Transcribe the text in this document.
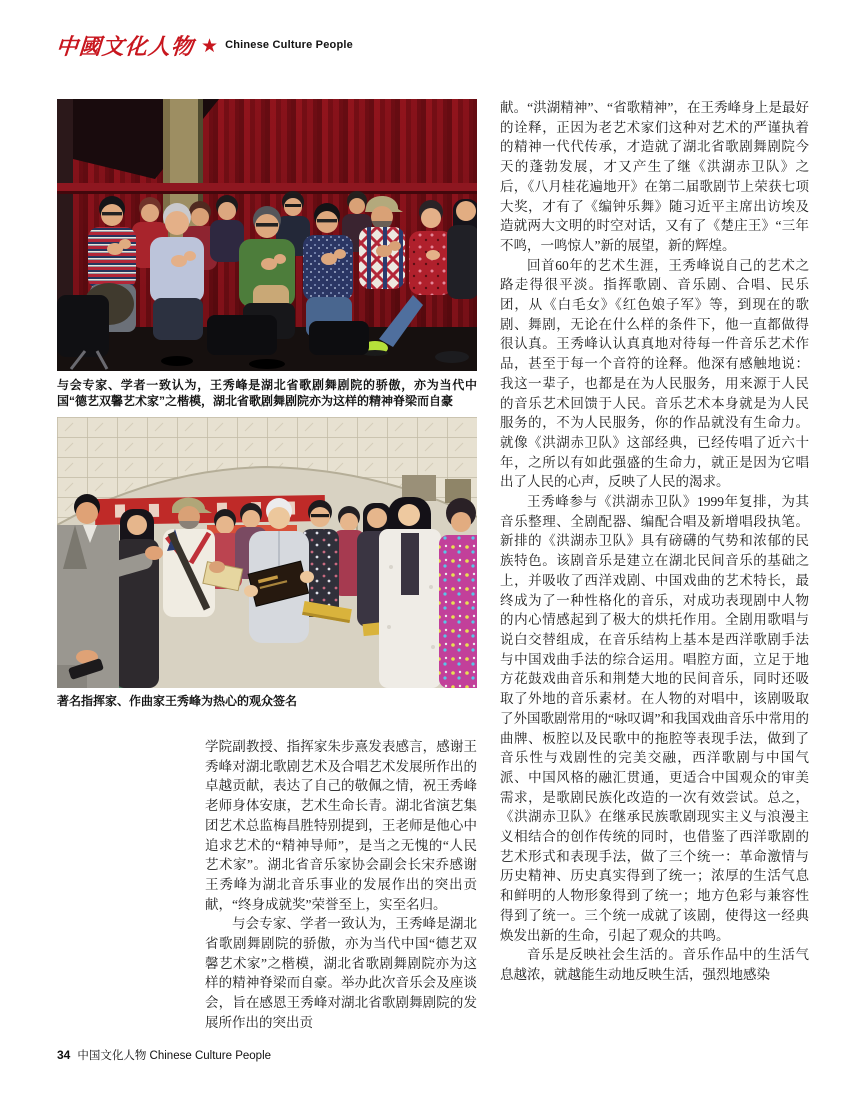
中國文化人物 ★ Chinese Culture People

与会专家、学者一致认为，王秀峰是湖北省歌剧舞剧院的骄傲，亦为当代中国“德艺双馨艺术家”之楷模，湖北省歌剧舞剧院亦为这样的精神脊梁而自豪

著名指挥家、作曲家王秀峰为热心的观众签名

学院副教授、指挥家朱步熹发表感言，感谢王秀峰对湖北歌剧艺术及合唱艺术发展所作出的卓越贡献，表达了自己的敬佩之情，祝王秀峰老师身体安康，艺术生命长青。湖北省演艺集团艺术总监梅昌胜特别提到，王老师是他心中追求艺术的“精神导师”，是当之无愧的“人民艺术家”。湖北省音乐家协会副会长宋乔感谢王秀峰为湖北音乐事业的发展作出的突出贡献，“终身成就奖”荣誉至上，实至名归。

与会专家、学者一致认为，王秀峰是湖北省歌剧舞剧院的骄傲，亦为当代中国“德艺双馨艺术家”之楷模，湖北省歌剧舞剧院亦为这样的精神脊梁而自豪。举办此次音乐会及座谈会，旨在感恩王秀峰对湖北省歌剧舞剧院的发展所作出的突出贡

献。“洪湖精神”、“省歌精神”，在王秀峰身上是最好的诠释，正因为老艺术家们这种对艺术的严谨执着的精神一代代传承，才造就了湖北省歌剧舞剧院今天的蓬勃发展，才又产生了继《洪湖赤卫队》之后，《八月桂花遍地开》在第二届歌剧节上荣获七项大奖，才有了《编钟乐舞》随习近平主席出访埃及造就两大文明的时空对话，又有了《楚庄王》“三年不鸣，一鸣惊人”新的展望，新的辉煌。

回首60年的艺术生涯，王秀峰说自己的艺术之路走得很平淡。指挥歌剧、音乐剧、合唱、民乐团，从《白毛女》《红色娘子军》等，到现在的歌剧、舞剧，无论在什么样的条件下，他一直都做得很认真。王秀峰认认真真地对待每一件音乐艺术作品，甚至于每一个音符的诠释。他深有感触地说：我这一辈子，也都是在为人民服务，用来源于人民的音乐艺术回馈于人民。音乐艺术本身就是为人民服务的，不为人民服务，你的作品就没有生命力。就像《洪湖赤卫队》这部经典，已经传唱了近六十年，之所以有如此强盛的生命力，就正是因为它唱出了人民的心声，反映了人民的渴求。

王秀峰参与《洪湖赤卫队》1999年复排，为其音乐整理、全剧配器、编配合唱及新增唱段执笔。新排的《洪湖赤卫队》具有磅礴的气势和浓郁的民族特色。该剧音乐是建立在湖北民间音乐的基础之上，并吸收了西洋戏剧、中国戏曲的艺术特长，最终成为了一种性格化的音乐，对成功表现剧中人物的内心情感起到了极大的烘托作用。全剧用歌唱与说白交替组成，在音乐结构上基本是西洋歌剧手法与中国戏曲手法的综合运用。唱腔方面，立足于地方花鼓戏曲音乐和荆楚大地的民间音乐，同时还吸取了外地的音乐素材。在人物的对唱中，该剧吸取了外国歌剧常用的“咏叹调”和我国戏曲音乐中常用的曲牌、板腔以及民歌中的拖腔等表现手法，做到了音乐性与戏剧性的完美交融，西洋歌剧与中国气派、中国风格的融汇贯通，更适合中国观众的审美需求，是歌剧民族化改造的一次有效尝试。总之，《洪湖赤卫队》在继承民族歌剧现实主义与浪漫主义相结合的创作传统的同时，也借鉴了西洋歌剧的艺术形式和表现手法，做了三个统一：革命激情与历史精神、历史真实得到了统一；浓厚的生活气息和鲜明的人物形象得到了统一；地方色彩与兼容性得到了统一。三个统一成就了该剧，使得这一经典焕发出新的生命，引起了观众的共鸣。

音乐是反映社会生活的。音乐作品中的生活气息越浓，就越能生动地反映生活，强烈地感染

34 中国文化人物 Chinese Culture People
